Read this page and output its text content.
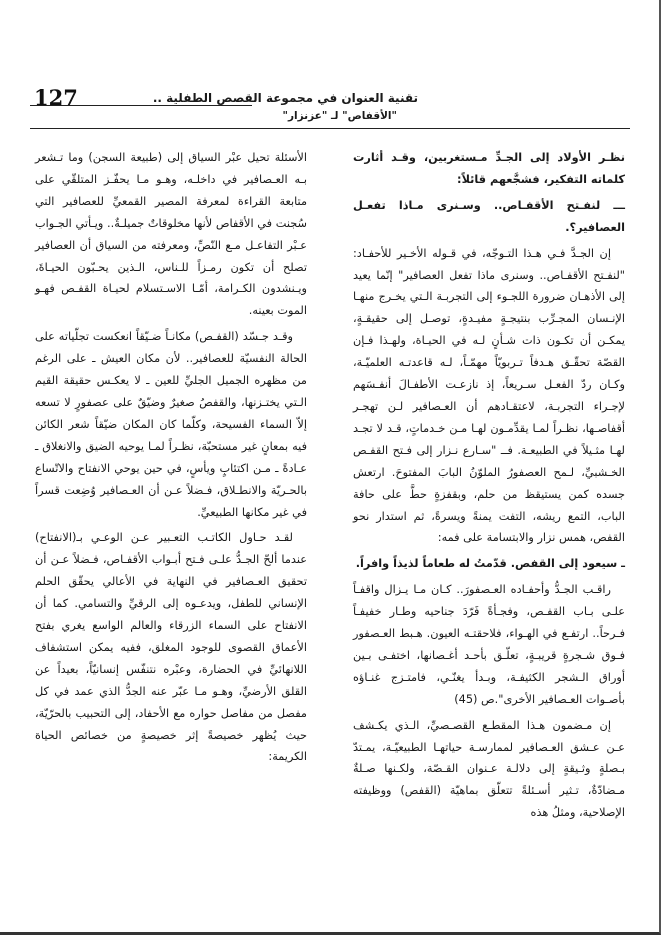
127	تقنية العنوان في مجموعة القصص الطفلية ..
"الأقفاص" لـ "عزنزار"

نظـر الأولاد إلى الجـدِّ مـستغربين، وقـد أثارت كلماته التفكير، فشجَّعهم قائلاً:

ـــ لنفـتح الأقفـاص.. وسـنرى مـاذا تفعـل العصافير؟.

إن الجـدَّ فـي هـذا التـوجّه، في قـوله الأخـير للأحفـاد: "لنفـتح الأقفـاص.. وسنرى ماذا تفعل العصافير" إنّما يعيد إلى الأذهـان ضرورة اللجـوء إلى التجربـة الـتي يخـرج منهـا الإنـسان المجـرِّب بنتيجـةٍ مفيـدةٍ، توصـل إلى حقيقـةٍ، يمكـن أن تكـون ذات شـأنٍ لـه في الحيـاة، ولهـذا فـإن القصّة تحقّـق هـدفاً تـربويّاً مهمّـاً، لـه قاعدتـه العلميّـة، وكـان ردّ الفعـل سـريعاً، إذ نازعـت الأطفـالَ أنفـسَهم لإجـراء التجربـة، لاعتقـادهم أن العـصافير لـن تهجـر أقفاصـها، نظـراً لمـا يقدِّمـون لهـا مـن خـدماتٍ، قـد لا تجـد لهـا مثـيلاً في الطبيعـة. فــ "سـارع نـزار إلى فـتح القفـص الخـشبيِّ، لـمح العصفورُ الملوّنُ البابَ المفتوحَ. ارتعش جسده كمن يستيقظ من حلم، وبقفزةٍ حطَّ على حافة الباب، التمع ريشه، التفت يمنةً ويسرةً، ثم استدار نحو القفص، همس نزار والابتسامة على فمه:

ـ سيعود إلى القفص. قدّمتُ له طعاماً لذيذاً وافراً.

راقـب الجـدُّ وأحفـاده العـصفورَ.. كـان مـا يـزال واقفـاً علـى بـاب القفـص، وفجـأةً فَرّدَ جناحيه وطـار خفيفـاً فـرحاً.. ارتفـع في الهـواء، فلاحقتـه العيون. هـبط العـصفور فـوق شـجرةٍ قريبـةٍ، تعلّـق بأحـد أغـصانها، اختفـى بـين أوراق الـشجر الكثيفـة، وبـدأ يغنّـي، فامتـزج غنـاؤه بأصـوات العـصافير الأخرى".ص (45)

إن مـضمون هـذا المقطـع القصـصيِّ، الـذي يكـشف عـن عـشق العـصافير لممارسـة حياتهـا الطبيعيّـة، يمـتدّ بـصلةٍ وثـيقةٍ إلى دلالـة عـنوان القـصّة، ولكـنها صـلةٌ مـضادّةٌ، تـثير أسـئلةً تتعلّق بماهيّة (القفص) ووظيفته الإصلاحية، ومثلُ هذه

الأسئلة تحيل عبْر السياق إلى (طبيعة السجن) وما تـشعر بـه العـصافير في داخلـه، وهـو مـا يحفّـز المتلقّي على متابعة القراءة لمعرفة المصير القمعيِّ للعصافير التي سُجنت في الأقفاص لأنها مخلوقاتٌ جميلـةٌ.. ويـأتي الجـواب عـبْر التفاعـل مـع النّصِّ، ومعرفته من السياق أن العصافير تصلح أن تكون رمـزاً للـناس، الـذين يحـبّون الحيـاةَ، ويـنشدون الكـرامة، أمّـا الاسـتسلام لحيـاة القفـص فهـو الموت بعينه.

وقـد جـسّد (القفـص) مكانـاً ضـيّقاً انعكست تجلّياته على الحالة النفسيّة للعصافير.. لأن مكان العيش ـ على الرغم من مظهره الجميل الجليِّ للعين ـ لا يعكـس حقيقة القيم الـتي يختـزنها، والقفصُ صغيرٌ وضيّقٌ على عصفورٍ لا تسعه إلاّ السماء الفسيحة، وكلّما كان المكان ضيّقاً شعر الكائن فيه بمعانٍ غير مستحبّة، نظـراً لمـا يوحيه الضيق والانغلاق ـ عـادةً ـ مـن اكتئابٍ ويأسٍ، في حين يوحي الانفتاح والاتّساع بالحـريّة والانطـلاق، فـضلاً عـن أن العـصافير وُضِعت قسراً في غير مكانها الطبيعيِّ.

لقـد حـاول الكاتـب التعـبير عـن الوعـي بـ(الانفتاح) عندما ألحّ الجـدُّ علـى فـتح أبـواب الأقفـاص، فـضلاً عـن أن تحقيق العـصافير في النهاية في الأعالي يحقّق الحلم الإنساني للطفل، ويدعـوه إلى الرقيِّ والتسامي. كما أن الانفتاح على السماء الزرقاء والعالم الواسع يغري بفتح الأعماق القصوى للوجود المغلق، ففيه يمكن استشفاف اللانهائيِّ في الحضارة، وعبْره نتنفّس إنسانيّاً، بعيداً عن القلق الأرضيِّ، وهـو مـا عبّر عنه الجدُّ الذي عمد في كل مفصل من مفاصل حواره مع الأحفاد، إلى التحبيب بالحرّيّة، حيث يُظهر خصيصةً إثر خصيصةٍ من خصائص الحياة الكريمة:
